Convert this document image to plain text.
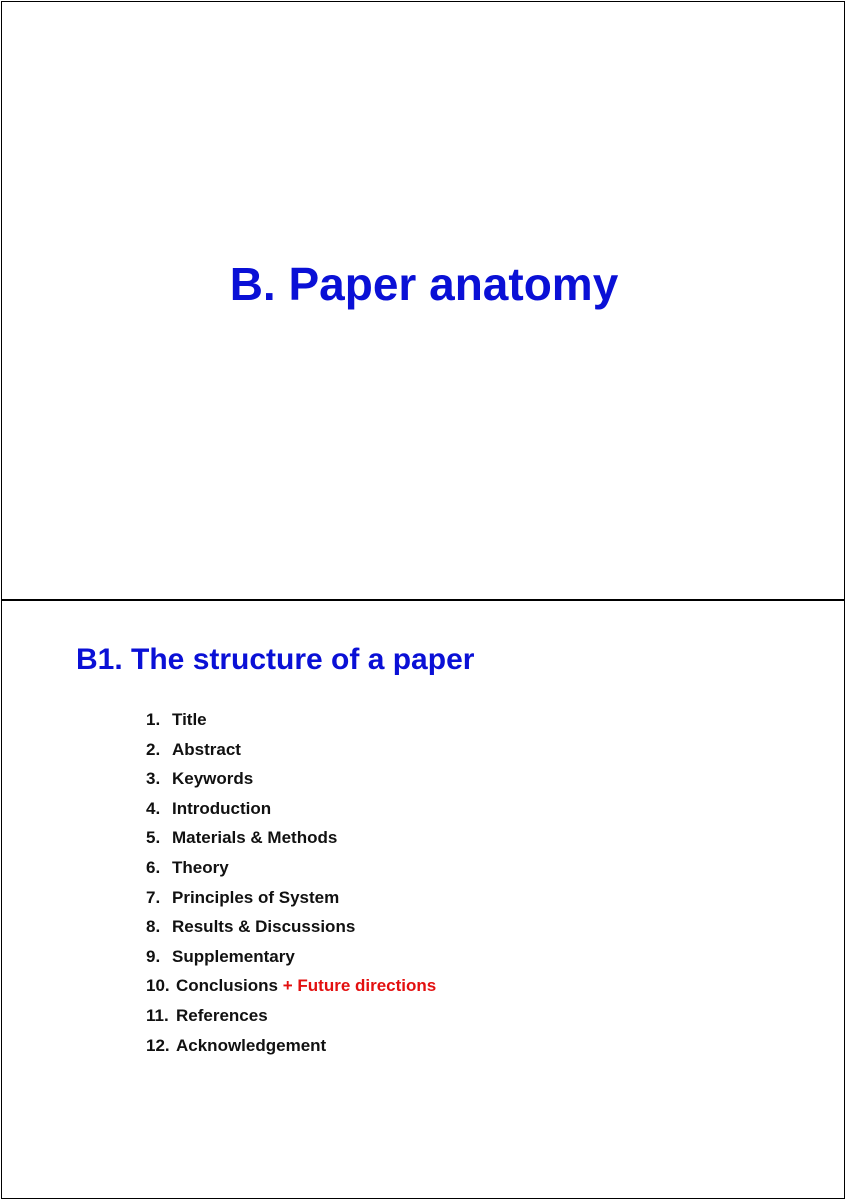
B. Paper anatomy
B1. The structure of a paper
1. Title
2. Abstract
3. Keywords
4. Introduction
5. Materials & Methods
6. Theory
7. Principles of System
8. Results & Discussions
9. Supplementary
10. Conclusions + Future directions
11. References
12. Acknowledgement
